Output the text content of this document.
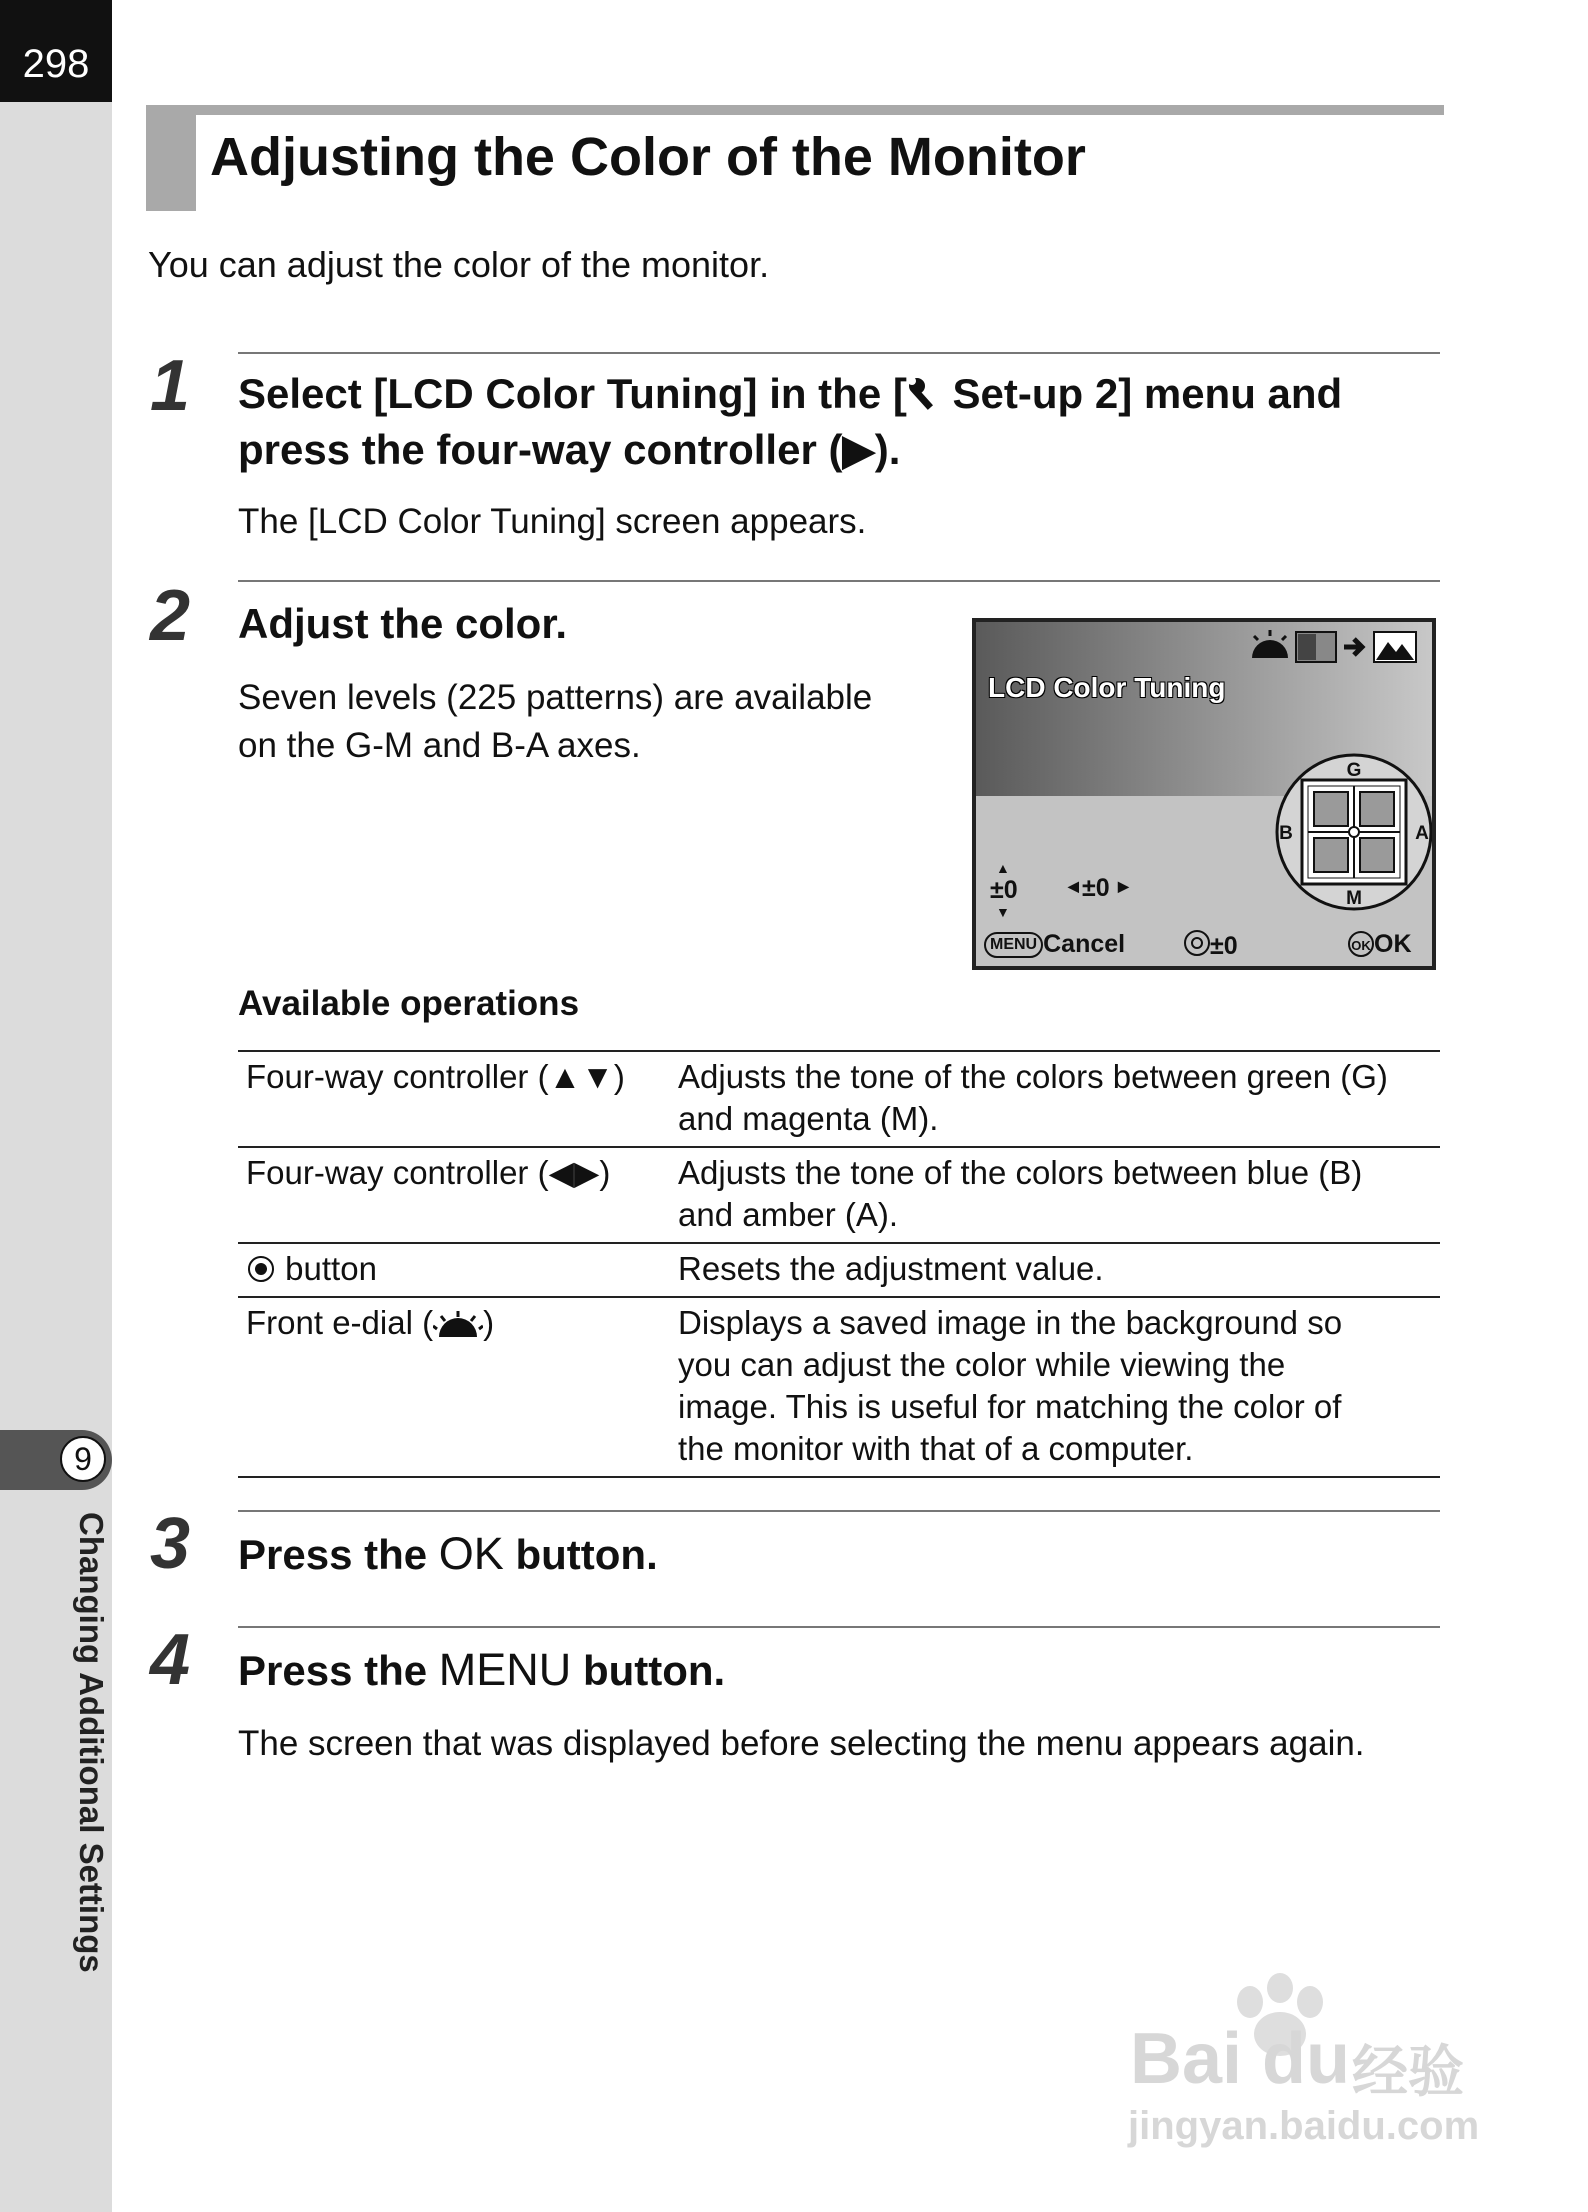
298
9
Changing Additional Settings
Adjusting the Color of the Monitor

You can adjust the color of the monitor.

1 Select [LCD Color Tuning] in the [ Set-up 2] menu and
press the four-way controller (▶).

The [LCD Color Tuning] screen appears.

2 Adjust the color.

Seven levels (225 patterns) are available
on the G-M and B-A axes.

LCD Color Tuning
G
M
B	A
▲
±0
▼
◀ ±0 ▶
MENU Cancel	±0	OK OK
Available operations
Four-way controller (▲▼)	Adjusts the tone of the colors between green (G)
and magenta (M).
Four-way controller (◀▶)	Adjusts the tone of the colors between blue (B)
and amber (A).
button	Resets the adjustment value.
Front e-dial ( )	Displays a saved image in the background so
you can adjust the color while viewing the
image. This is useful for matching the color of
the monitor with that of a computer.
3 Press the OK button.
4 Press the MENU button.

The screen that was displayed before selecting the menu appears again.

Bai du 经验
jingyan.baidu.com
